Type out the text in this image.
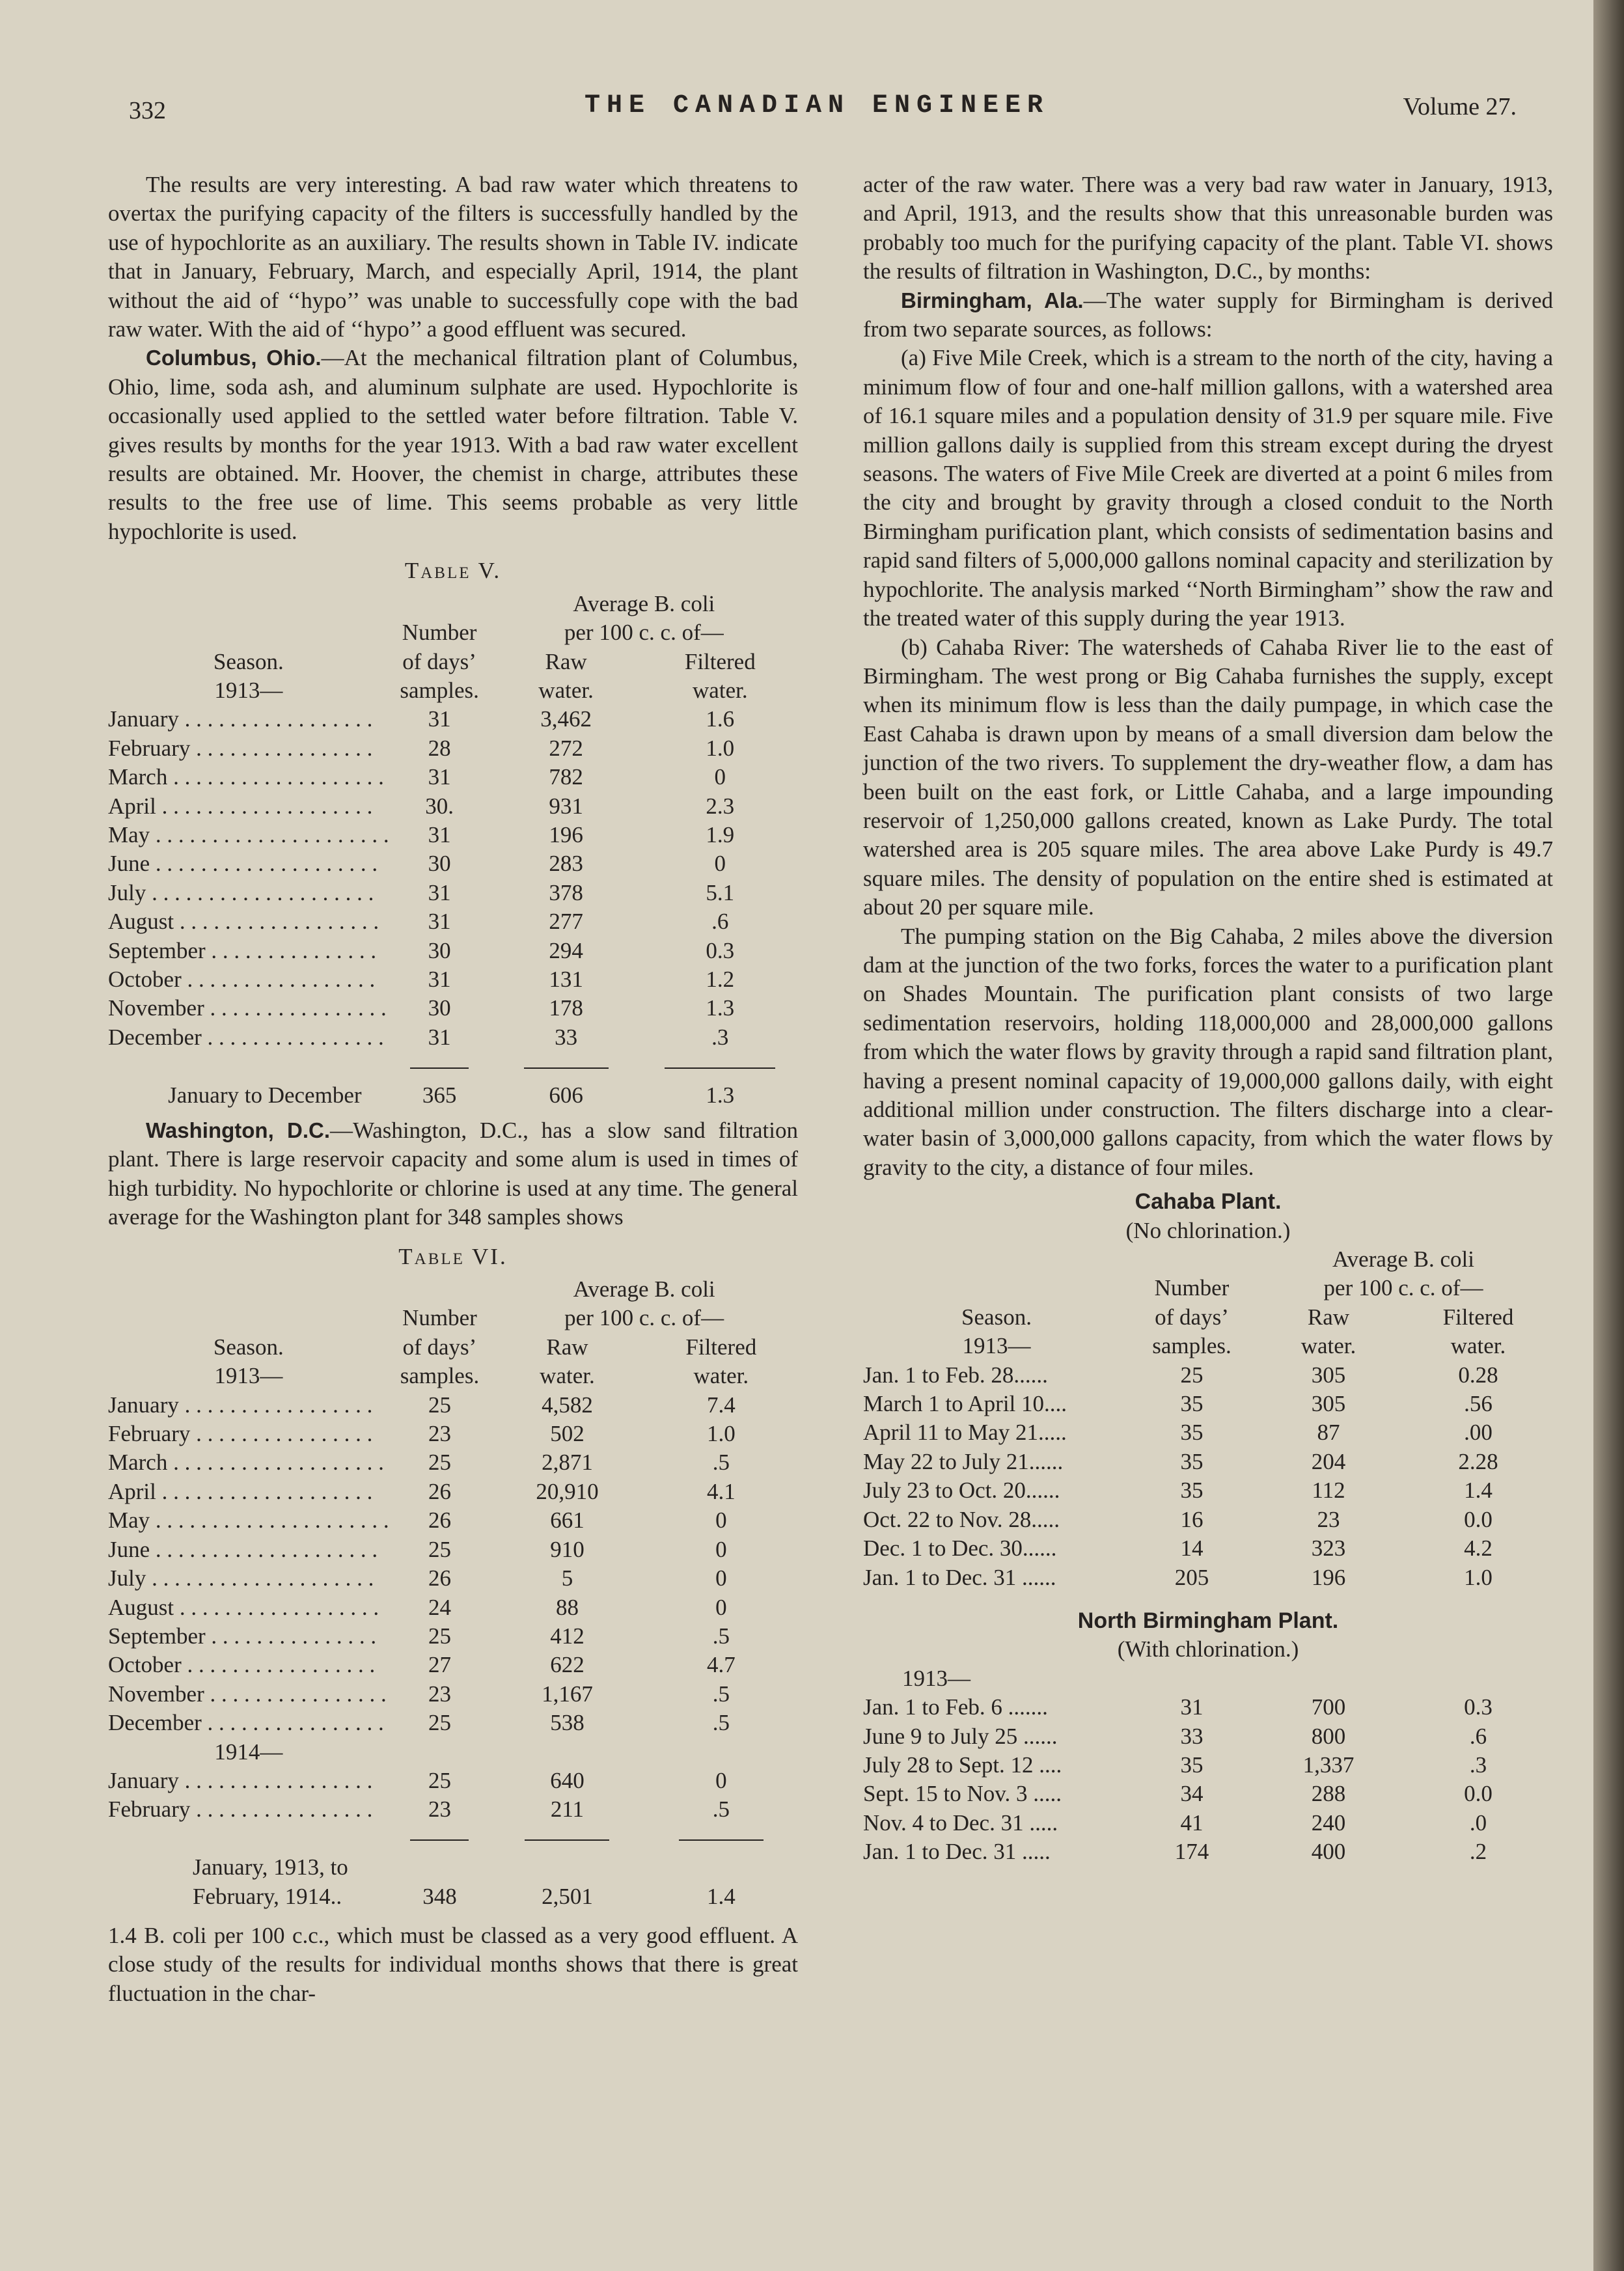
332	THE CANADIAN ENGINEER	Volume 27.

The results are very interesting. A bad raw water which threatens to overtax the purifying capacity of the filters is successfully handled by the use of hypochlorite as an auxiliary. The results shown in Table IV. indicate that in January, February, March, and especially April, 1914, the plant without the aid of ‘‘hypo’’ was unable to successfully cope with the bad raw water. With the aid of ‘‘hypo’’ a good effluent was secured.

Columbus, Ohio.—At the mechanical filtration plant of Columbus, Ohio, lime, soda ash, and aluminum sulphate are used. Hypochlorite is occasionally used applied to the settled water before filtration. Table V. gives results by months for the year 1913. With a bad raw water excellent results are obtained. Mr. Hoover, the chemist in charge, attributes these results to the free use of lime. This seems probable as very little hypochlorite is used.

Table V.
		Average B. coli	
	Number	per 100 c. c. of—	
Season.	of days’	Raw	Filtered
1913—	samples.	water.	water.
January . . . . . . . . . . . . . . . . .	31	3,462	1.6
February . . . . . . . . . . . . . . . .	28	272	1.0
March . . . . . . . . . . . . . . . . . . .	31	782	0
April . . . . . . . . . . . . . . . . . . .	30.	931	2.3
May . . . . . . . . . . . . . . . . . . . . .	31	196	1.9
June . . . . . . . . . . . . . . . . . . . .	30	283	0
July . . . . . . . . . . . . . . . . . . . .	31	378	5.1
August . . . . . . . . . . . . . . . . . .	31	277	.6
September . . . . . . . . . . . . . . .	30	294	0.3
October . . . . . . . . . . . . . . . . .	31	131	1.2
November . . . . . . . . . . . . . . . .	30	178	1.3
December . . . . . . . . . . . . . . . .	31	33	.3

January to December	365	606	1.3

Washington, D.C.—Washington, D.C., has a slow sand filtration plant. There is large reservoir capacity and some alum is used in times of high turbidity. No hypochlorite or chlorine is used at any time. The general average for the Washington plant for 348 samples shows

Table VI.
		Average B. coli	
	Number	per 100 c. c. of—	
Season.	of days’	Raw	Filtered
1913—	samples.	water.	water.
January . . . . . . . . . . . . . . . . .	25	4,582	7.4
February . . . . . . . . . . . . . . . .	23	502	1.0
March . . . . . . . . . . . . . . . . . . .	25	2,871	.5
April . . . . . . . . . . . . . . . . . . .	26	20,910	4.1
May . . . . . . . . . . . . . . . . . . . . .	26	661	0
June . . . . . . . . . . . . . . . . . . . .	25	910	0
July . . . . . . . . . . . . . . . . . . . .	26	5	0
August . . . . . . . . . . . . . . . . . .	24	88	0
September . . . . . . . . . . . . . . .	25	412	.5
October . . . . . . . . . . . . . . . . .	27	622	4.7
November . . . . . . . . . . . . . . . .	23	1,167	.5
December . . . . . . . . . . . . . . . .	25	538	.5
1914—			
January . . . . . . . . . . . . . . . . .	25	640	0
February . . . . . . . . . . . . . . . .	23	211	.5

January, 1913, to			
February, 1914..	348	2,501	1.4

1.4 B. coli per 100 c.c., which must be classed as a very good effluent. A close study of the results for individual months shows that there is great fluctuation in the char-

acter of the raw water. There was a very bad raw water in January, 1913, and April, 1913, and the results show that this unreasonable burden was probably too much for the purifying capacity of the plant. Table VI. shows the results of filtration in Washington, D.C., by months:

Birmingham, Ala.—The water supply for Birmingham is derived from two separate sources, as follows:

(a) Five Mile Creek, which is a stream to the north of the city, having a minimum flow of four and one-half million gallons, with a watershed area of 16.1 square miles and a population density of 31.9 per square mile. Five million gallons daily is supplied from this stream except during the dryest seasons. The waters of Five Mile Creek are diverted at a point 6 miles from the city and brought by gravity through a closed conduit to the North Birmingham purification plant, which consists of sedimentation basins and rapid sand filters of 5,000,000 gallons nominal capacity and sterilization by hypochlorite. The analysis marked ‘‘North Birmingham’’ show the raw and the treated water of this supply during the year 1913.

(b) Cahaba River: The watersheds of Cahaba River lie to the east of Birmingham. The west prong or Big Cahaba furnishes the supply, except when its minimum flow is less than the daily pumpage, in which case the East Cahaba is drawn upon by means of a small diversion dam below the junction of the two rivers. To supplement the dry-weather flow, a dam has been built on the east fork, or Little Cahaba, and a large impounding reservoir of 1,250,000 gallons created, known as Lake Purdy. The total watershed area is 205 square miles. The area above Lake Purdy is 49.7 square miles. The density of population on the entire shed is estimated at about 20 per square mile.

The pumping station on the Big Cahaba, 2 miles above the diversion dam at the junction of the two forks, forces the water to a purification plant on Shades Mountain. The purification plant consists of two large sedimentation reservoirs, holding 118,000,000 and 28,000,000 gallons from which the water flows by gravity through a rapid sand filtration plant, having a present nominal capacity of 19,000,000 gallons daily, with eight additional million under construction. The filters discharge into a clear-water basin of 3,000,000 gallons capacity, from which the water flows by gravity to the city, a distance of four miles.

Cahaba Plant.
(No chlorination.)
		Average B. coli	
	Number	per 100 c. c. of—	
Season.	of days’	Raw	Filtered
1913—	samples.	water.	water.
Jan. 1 to Feb. 28......	25	305	0.28
March 1 to April 10....	35	305	.56
April 11 to May 21.....	35	87	.00
May 22 to July 21......	35	204	2.28
July 23 to Oct. 20......	35	112	1.4
Oct. 22 to Nov. 28.....	16	23	0.0
Dec. 1 to Dec. 30......	14	323	4.2
Jan. 1 to Dec. 31 ......	205	196	1.0
North Birmingham Plant.
(With chlorination.)
1913—			
Jan. 1 to Feb. 6 .......	31	700	0.3
June 9 to July 25 ......	33	800	.6
July 28 to Sept. 12 ....	35	1,337	.3
Sept. 15 to Nov. 3 .....	34	288	0.0
Nov. 4 to Dec. 31 .....	41	240	.0
Jan. 1 to Dec. 31 .....	174	400	.2
